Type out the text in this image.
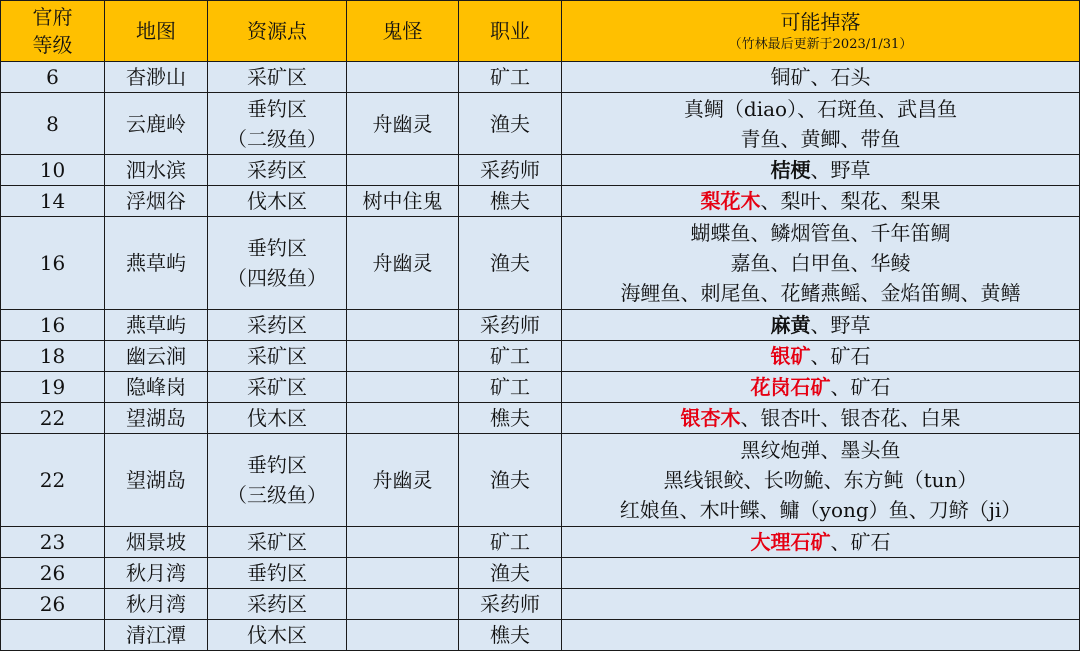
官府
等级	地图	资源点	鬼怪	职业	可能掉落
（竹林最后更新于2023/1/31）

6	杳渺山	采矿区		矿工	铜矿、石头

8	云鹿岭	垂钓区
（二级鱼）	舟幽灵	渔夫	真鲷（diao）、石斑鱼、武昌鱼
青鱼、黄鲫、带鱼

10	泗水滨	采药区		采药师	桔梗、野草

14	浮烟谷	伐木区	树中住鬼	樵夫	梨花木、梨叶、梨花、梨果

16	燕草屿	垂钓区
（四级鱼）	舟幽灵	渔夫	蝴蝶鱼、鳞烟管鱼、千年笛鲷
嘉鱼、白甲鱼、华鲮
海鲤鱼、刺尾鱼、花鳍燕鳐、金焰笛鲷、黄鳝

16	燕草屿	采药区		采药师	麻黄、野草

18	幽云涧	采矿区		矿工	银矿、矿石

19	隐峰岗	采矿区		矿工	花岗石矿、矿石

22	望湖岛	伐木区		樵夫	银杏木、银杏叶、银杏花、白果

22	望湖岛	垂钓区
（三级鱼）	舟幽灵	渔夫	黑纹炮弹、墨头鱼
黑线银鲛、长吻鮠、东方鲀（tun）
红娘鱼、木叶鲽、鳙（yong）鱼、刀鲚（ji）

23	烟景坡	采矿区		矿工	大理石矿、矿石

26	秋月湾	垂钓区		渔夫	
26	秋月湾	采药区		采药师	
	清江潭	伐木区		樵夫	
